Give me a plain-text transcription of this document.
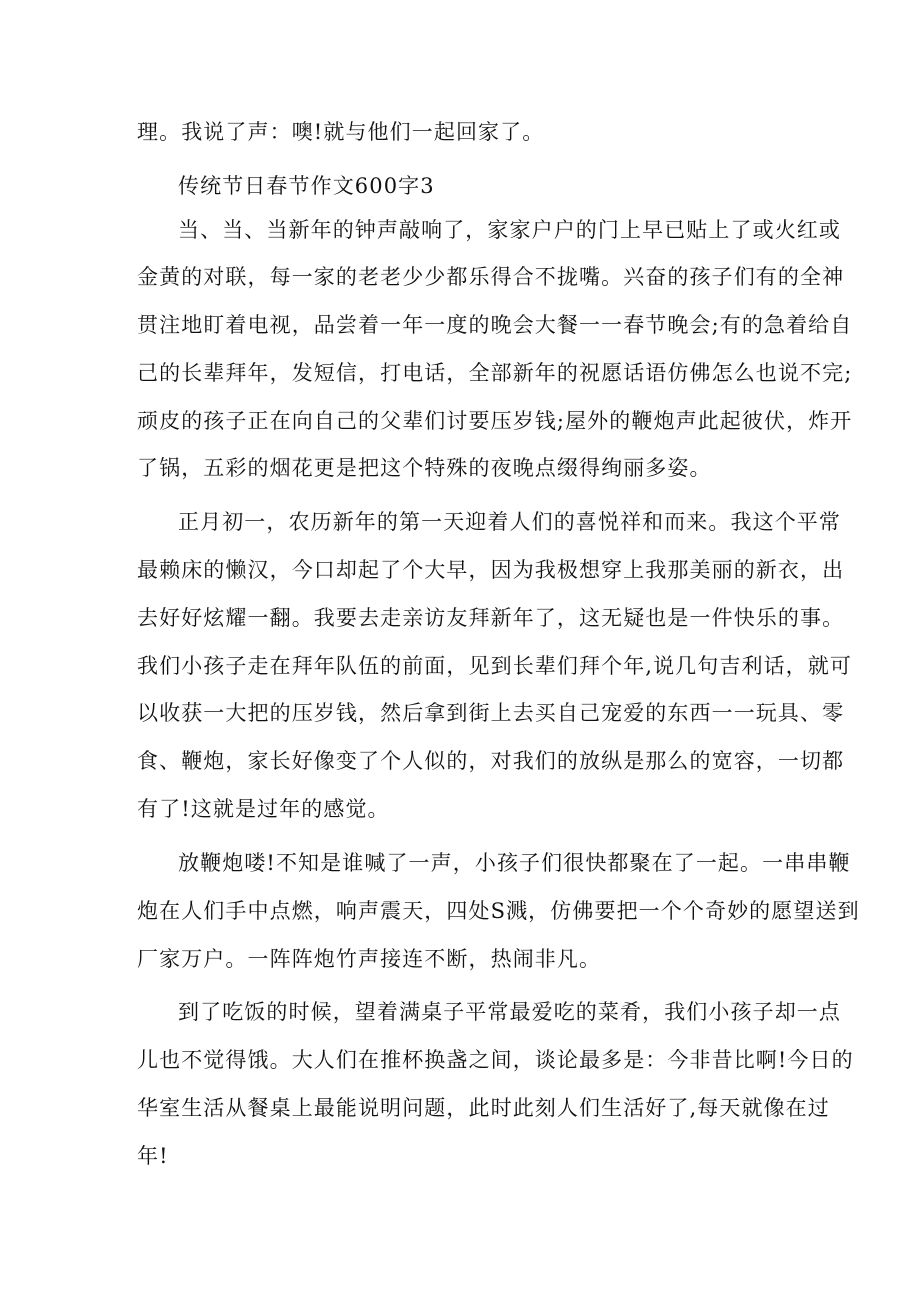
理。我说了声：噢!就与他们一起回家了。
传统节日春节作文600字3
当、当、当新年的钟声敲响了，家家户户的门上早已贴上了或火红或
金黄的对联，每一家的老老少少都乐得合不拢嘴。兴奋的孩子们有的全神
贯注地盯着电视，品尝着一年一度的晚会大餐一一春节晚会;有的急着给自
己的长辈拜年，发短信，打电话，全部新年的祝愿话语仿佛怎么也说不完;
顽皮的孩子正在向自己的父辈们讨要压岁钱;屋外的鞭炮声此起彼伏，炸开
了锅，五彩的烟花更是把这个特殊的夜晚点缀得绚丽多姿。
正月初一，农历新年的第一天迎着人们的喜悦祥和而来。我这个平常
最赖床的懒汉，今口却起了个大早，因为我极想穿上我那美丽的新衣，出
去好好炫耀一翻。我要去走亲访友拜新年了，这无疑也是一件快乐的事。
我们小孩子走在拜年队伍的前面，见到长辈们拜个年,说几句吉利话，就可
以收获一大把的压岁钱，然后拿到街上去买自己宠爱的东西一一玩具、零
食、鞭炮，家长好像变了个人似的，对我们的放纵是那么的宽容，一切都
有了!这就是过年的感觉。
放鞭炮喽!不知是谁喊了一声，小孩子们很快都聚在了一起。一串串鞭
炮在人们手中点燃，响声震天，四处S溅，仿佛要把一个个奇妙的愿望送到
厂家万户。一阵阵炮竹声接连不断，热闹非凡。
到了吃饭的时候，望着满桌子平常最爱吃的菜肴，我们小孩子却一点
儿也不觉得饿。大人们在推杯换盏之间，谈论最多是：今非昔比啊!今日的
华室生活从餐桌上最能说明问题，此时此刻人们生活好了,每天就像在过
年!
